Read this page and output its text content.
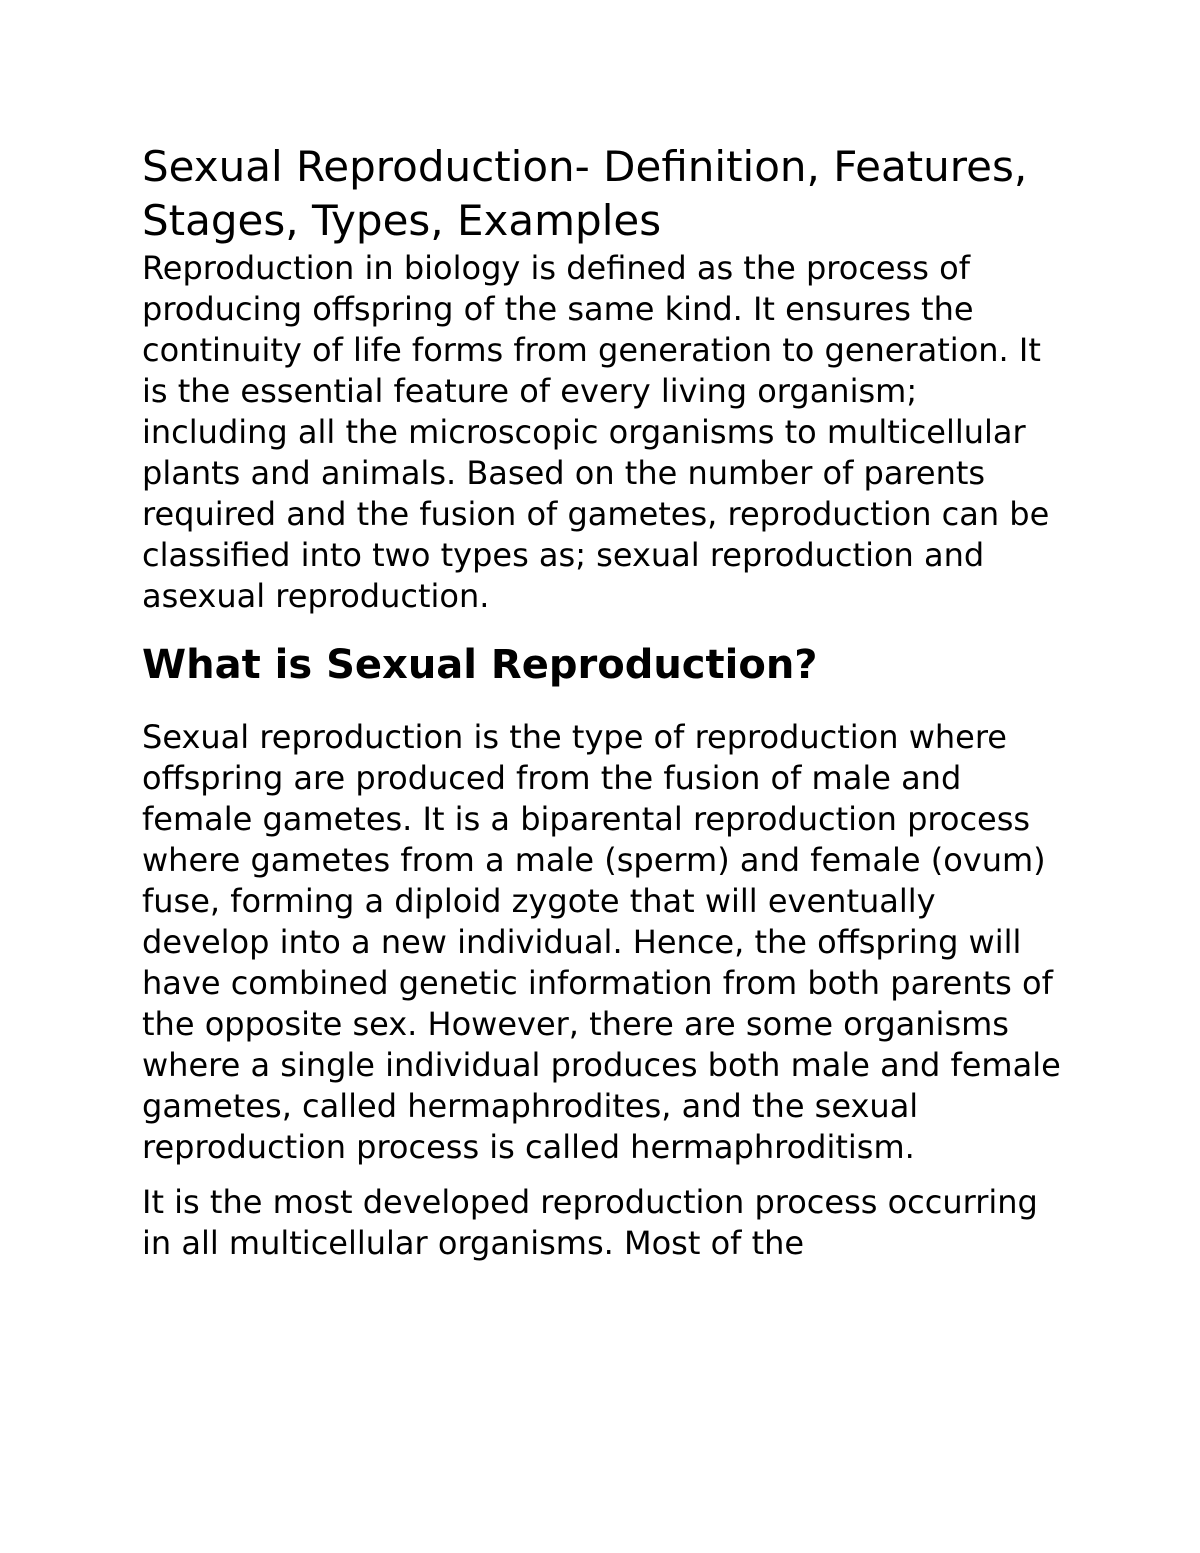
Sexual Reproduction- Definition, Features, Stages, Types, Examples

Reproduction in biology is defined as the process of producing offspring of the same kind. It ensures the continuity of life forms from generation to generation. It is the essential feature of every living organism; including all the microscopic organisms to multicellular plants and animals. Based on the number of parents required and the fusion of gametes, reproduction can be classified into two types as; sexual reproduction and asexual reproduction.

What is Sexual Reproduction?

Sexual reproduction is the type of reproduction where offspring are produced from the fusion of male and female gametes. It is a biparental reproduction process where gametes from a male (sperm) and female (ovum) fuse, forming a diploid zygote that will eventually develop into a new individual. Hence, the offspring will have combined genetic information from both parents of the opposite sex. However, there are some organisms where a single individual produces both male and female gametes, called hermaphrodites, and the sexual reproduction process is called hermaphroditism.

It is the most developed reproduction process occurring in all multicellular organisms. Most of the
